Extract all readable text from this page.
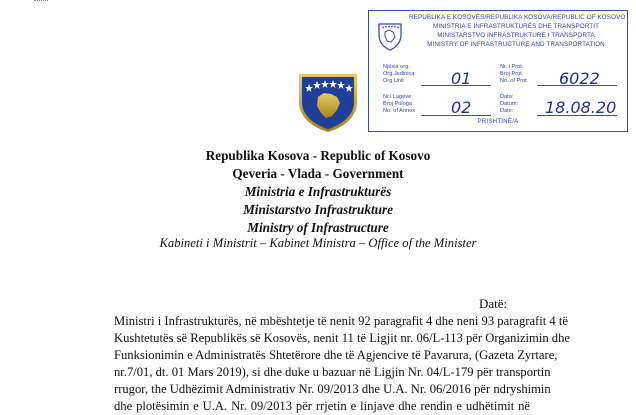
REPUBLIKA E KOSOVËS/REPUBLIKA KOSOVA/REPUBLIC OF KOSOVO
MINISTRIA E INFRASTRUKTURËS DHE TRANSPORTIT
MINISTARSTVO INFRASTRUKTURE I TRANSPORTA
MINISTRY OF INFRASTRUCTURE AND TRANSPORTATION
Njësia org.
Org.Jedinica
Org.Unit
Nr.i Lageve
Broj Priloga
No. of Annex
Nr. i Prot.
Broj Prot.
No. of Prot.
Data:
Datum:
Date:
01	6022
02	18.08.20
PRISHTINË/A
Republika Kosova - Republic of Kosovo
Qeveria - Vlada - Government
Ministria e Infrastrukturës
Ministarstvo Infrastrukture
Ministry of Infrastructure
Kabineti i Ministrit – Kabinet Ministra – Office of the Minister
Datë:
Ministri i Infrastrukturës, në mbështetje të nenit 92 paragrafit 4 dhe neni 93 paragrafit 4 të
Kushtetutës së Republikës së Kosovës, nenit 11 të Ligjit nr. 06/L-113 për Organizimin dhe
Funksionimin e Administratës Shtetërore dhe të Agjencive të Pavarura, (Gazeta Zyrtare,
nr.7/01, dt. 01 Mars 2019), si dhe duke u bazuar në Ligjin Nr. 04/L-179 për transportin
rrugor, the Udhëzimit Administrativ Nr. 09/2013 dhe U.A. Nr. 06/2016 për ndryshimin
dhe plotësimin e U.A. Nr. 09/2013 për rrjetin e linjave dhe rendin e udhëtimit në
